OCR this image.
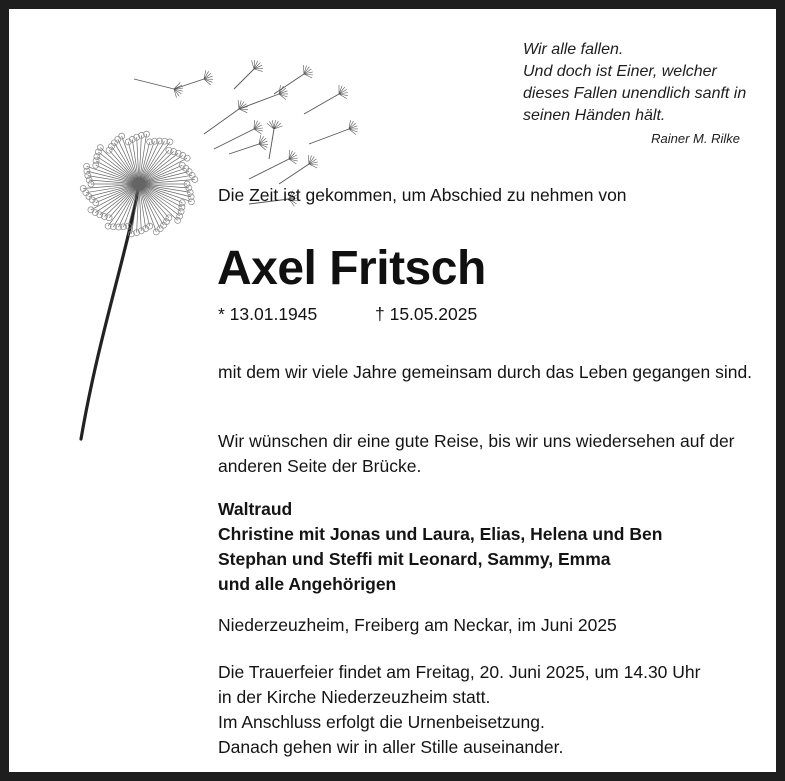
Wir alle fallen.
Und doch ist Einer, welcher
dieses Fallen unendlich sanft in
seinen Händen hält.
Rainer M. Rilke
Die Zeit ist gekommen, um Abschied zu nehmen von
Axel Fritsch
* 13.01.1945	† 15.05.2025
mit dem wir viele Jahre gemeinsam durch das Leben gegangen sind.
Wir wünschen dir eine gute Reise, bis wir uns wiedersehen auf der anderen Seite der Brücke.
Waltraud
Christine mit Jonas und Laura, Elias, Helena und Ben
Stephan und Steffi mit Leonard, Sammy, Emma
und alle Angehörigen
Niederzeuzheim, Freiberg am Neckar, im Juni 2025
Die Trauerfeier findet am Freitag, 20. Juni 2025, um 14.30 Uhr
in der Kirche Niederzeuzheim statt.
Im Anschluss erfolgt die Urnenbeisetzung.
Danach gehen wir in aller Stille auseinander.
